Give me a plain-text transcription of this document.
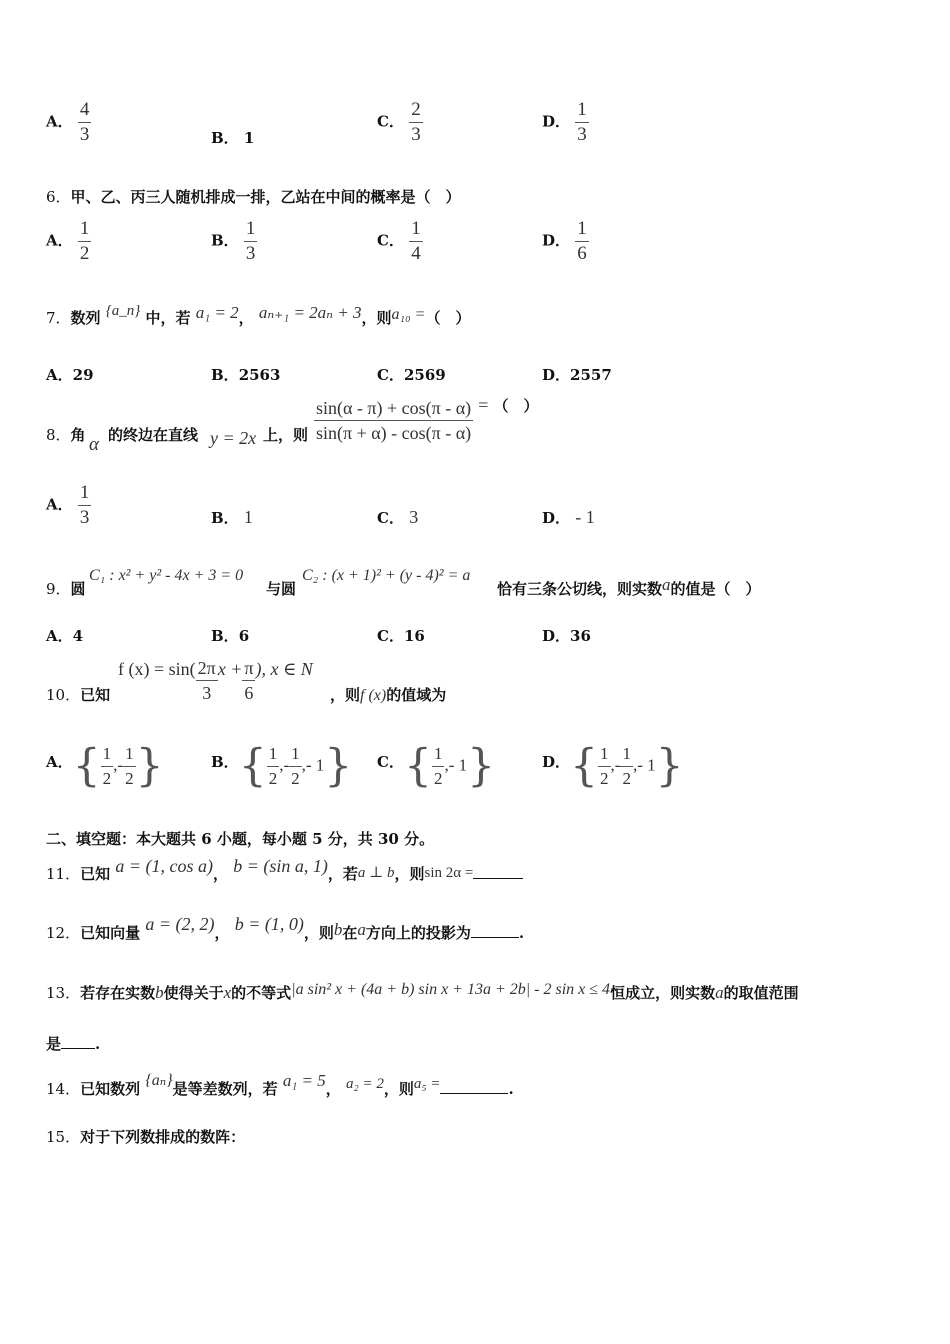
A． $\frac{4}{3}$	B． 1
C． $\frac{2}{3}$	D． $\frac{1}{3}$
6．甲、乙、丙三人随机排成一排，乙站在中间的概率是（　）
A． $\frac{1}{2}$	B． $\frac{1}{3}$	C． $\frac{1}{4}$	D． $\frac{1}{6}$
7．数列 {a_n} 中，若 a₁ = 2， aₙ₊₁ = 2aₙ + 3，则a₁₀ =（　）
A．29	B．2563	C．2569	D．2557
8．角 α 的终边在直线 y = 2x 上，则 $\frac{\sin(\alpha - \pi) + \cos(\pi - \alpha)}{\sin(\pi + \alpha) - \cos(\pi - \alpha)}$ = （　）
A． $\frac{1}{3}$	B． 1	C． 3	D． - 1
9．圆
C₁ : x² + y² - 4x + 3 = 0
与圆
C₂ : (x + 1)² + (y - 4)² = a
恰有三条公切线，则实数a的值是（　）
A．4	B．6	C．16	D．36
10．已知
f $(x) = \sin( \frac{2\pi}{3}$ $x + \frac{\pi}{6}$ ), x ∈ N
，则f (x)的值域为
A．{ $\frac{1}{2}$ ,- $\frac{1}{2}$ }	B．{ $\frac{1}{2}$ ,- $\frac{1}{2}$ ,- 1} C．{ $\frac{1}{2}$ ,- 1}	D．{ $\frac{1}{2}$ ,- $\frac{1}{2}$ ,- 1}
二、填空题：本大题共 6 小题，每小题 5 分，共 30 分。
11．已知 a = (1, cos a)， b = (sin a, 1)，若a ⊥ b，则sin 2α =
12．已知向量 a = (2, 2)， b = (1, 0)，则b在a方向上的投影为	.
13．若存在实数b使得关于x的不等式|a sin² x + (4a + b) sin x + 13a + 2b| - 2 sin x ≤ 4恒成立，则实数a的取值范围
是 .
14．已知数列 {aₙ}是等差数列，若 a₁ = 5， a₂ = 2，则a₅ =	.
15．对于下列数排成的数阵：
